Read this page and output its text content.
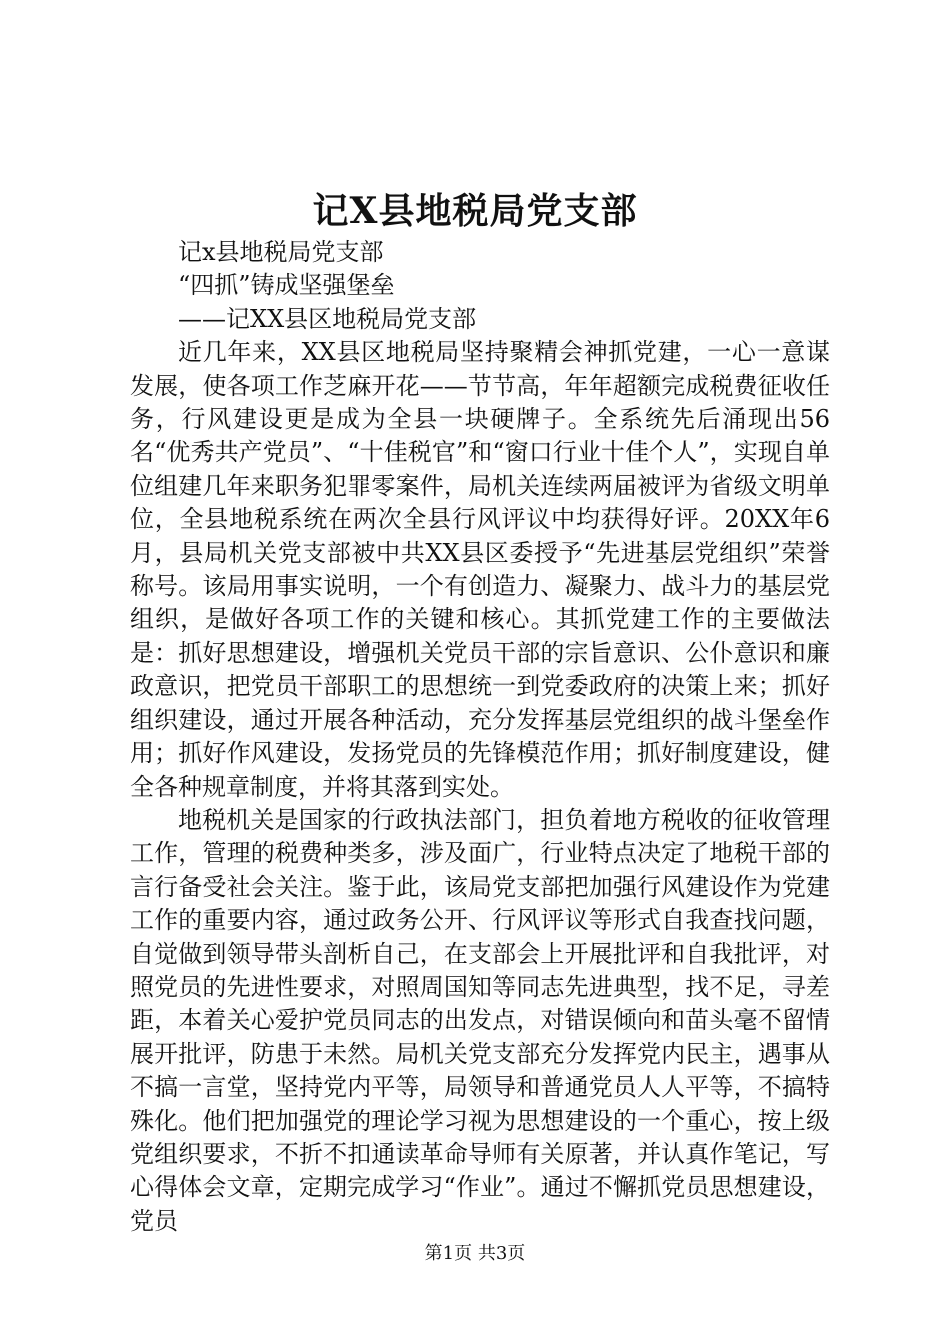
记X县地税局党支部

记x县地税局党支部

“四抓”铸成坚强堡垒

——记XX县区地税局党支部

近几年来，XX县区地税局坚持聚精会神抓党建，一心一意谋发展，使各项工作芝麻开花——节节高，年年超额完成税费征收任务，行风建设更是成为全县一块硬牌子。全系统先后涌现出56名“优秀共产党员”、“十佳税官”和“窗口行业十佳个人”，实现自单位组建几年来职务犯罪零案件，局机关连续两届被评为省级文明单位，全县地税系统在两次全县行风评议中均获得好评。20XX年6月，县局机关党支部被中共XX县区委授予“先进基层党组织”荣誉称号。该局用事实说明，一个有创造力、凝聚力、战斗力的基层党组织，是做好各项工作的关键和核心。其抓党建工作的主要做法是：抓好思想建设，增强机关党员干部的宗旨意识、公仆意识和廉政意识，把党员干部职工的思想统一到党委政府的决策上来；抓好组织建设，通过开展各种活动，充分发挥基层党组织的战斗堡垒作用；抓好作风建设，发扬党员的先锋模范作用；抓好制度建设，健全各种规章制度，并将其落到实处。

地税机关是国家的行政执法部门，担负着地方税收的征收管理工作，管理的税费种类多，涉及面广，行业特点决定了地税干部的言行备受社会关注。鉴于此，该局党支部把加强行风建设作为党建工作的重要内容，通过政务公开、行风评议等形式自我查找问题，自觉做到领导带头剖析自己，在支部会上开展批评和自我批评，对照党员的先进性要求，对照周国知等同志先进典型，找不足，寻差距，本着关心爱护党员同志的出发点，对错误倾向和苗头毫不留情展开批评，防患于未然。局机关党支部充分发挥党内民主，遇事从不搞一言堂，坚持党内平等，局领导和普通党员人人平等，不搞特殊化。他们把加强党的理论学习视为思想建设的一个重心，按上级党组织要求，不折不扣通读革命导师有关原著，并认真作笔记，写心得体会文章，定期完成学习“作业”。通过不懈抓党员思想建设，党员

第1页 共3页
